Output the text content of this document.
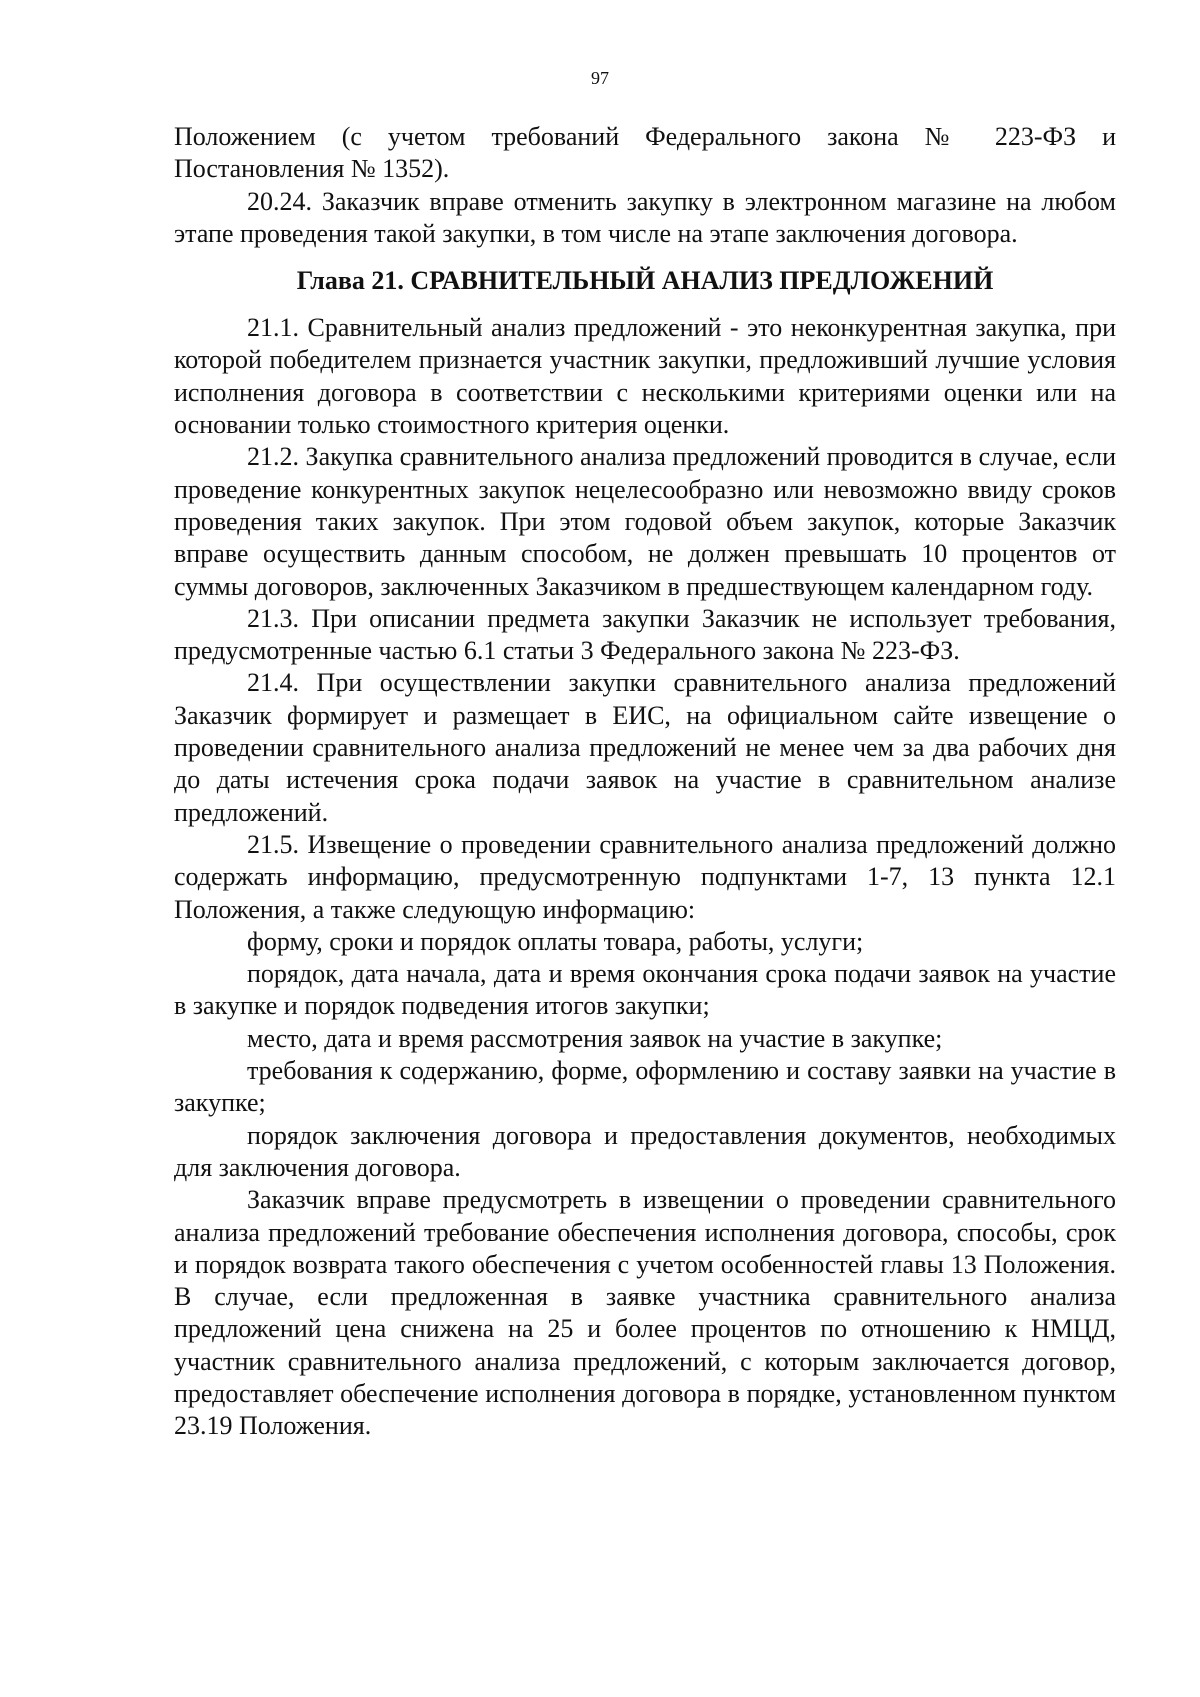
97

Положением (с учетом требований Федерального закона № 223-ФЗ и Постановления № 1352).

20.24. Заказчик вправе отменить закупку в электронном магазине на любом этапе проведения такой закупки, в том числе на этапе заключения договора.

Глава 21. СРАВНИТЕЛЬНЫЙ АНАЛИЗ ПРЕДЛОЖЕНИЙ

21.1. Сравнительный анализ предложений - это неконкурентная закупка, при которой победителем признается участник закупки, предложивший лучшие условия исполнения договора в соответствии с несколькими критериями оценки или на основании только стоимостного критерия оценки.

21.2. Закупка сравнительного анализа предложений проводится в случае, если проведение конкурентных закупок нецелесообразно или невозможно ввиду сроков проведения таких закупок. При этом годовой объем закупок, которые Заказчик вправе осуществить данным способом, не должен превышать 10 процентов от суммы договоров, заключенных Заказчиком в предшествующем календарном году.

21.3. При описании предмета закупки Заказчик не использует требования, предусмотренные частью 6.1 статьи 3 Федерального закона № 223-ФЗ.

21.4. При осуществлении закупки сравнительного анализа предложений Заказчик формирует и размещает в ЕИС, на официальном сайте извещение о проведении сравнительного анализа предложений не менее чем за два рабочих дня до даты истечения срока подачи заявок на участие в сравнительном анализе предложений.

21.5. Извещение о проведении сравнительного анализа предложений должно содержать информацию, предусмотренную подпунктами 1-7, 13 пункта 12.1 Положения, а также следующую информацию:

форму, сроки и порядок оплаты товара, работы, услуги;

порядок, дата начала, дата и время окончания срока подачи заявок на участие в закупке и порядок подведения итогов закупки;

место, дата и время рассмотрения заявок на участие в закупке;

требования к содержанию, форме, оформлению и составу заявки на участие в закупке;

порядок заключения договора и предоставления документов, необходимых для заключения договора.

Заказчик вправе предусмотреть в извещении о проведении сравнительного анализа предложений требование обеспечения исполнения договора, способы, срок и порядок возврата такого обеспечения с учетом особенностей главы 13 Положения. В случае, если предложенная в заявке участника сравнительного анализа предложений цена снижена на 25 и более процентов по отношению к НМЦД, участник сравнительного анализа предложений, с которым заключается договор, предоставляет обеспечение исполнения договора в порядке, установленном пунктом 23.19 Положения.
